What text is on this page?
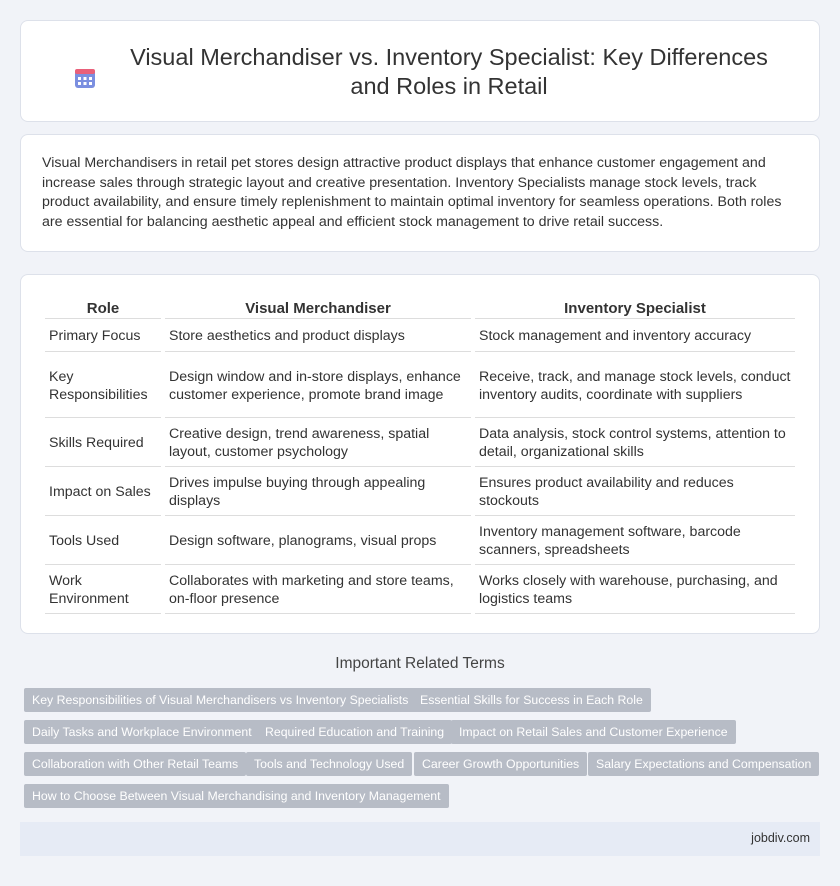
Visual Merchandiser vs. Inventory Specialist: Key Differences and Roles in Retail

Visual Merchandisers in retail pet stores design attractive product displays that enhance customer engagement and increase sales through strategic layout and creative presentation. Inventory Specialists manage stock levels, track product availability, and ensure timely replenishment to maintain optimal inventory for seamless operations. Both roles are essential for balancing aesthetic appeal and efficient stock management to drive retail success.

Role	Visual Merchandiser	Inventory Specialist
Primary Focus	Store aesthetics and product displays	Stock management and inventory accuracy
Key Responsibilities	Design window and in-store displays, enhance customer experience, promote brand image	Receive, track, and manage stock levels, conduct inventory audits, coordinate with suppliers
Skills Required	Creative design, trend awareness, spatial layout, customer psychology	Data analysis, stock control systems, attention to detail, organizational skills
Impact on Sales	Drives impulse buying through appealing displays	Ensures product availability and reduces stockouts
Tools Used	Design software, planograms, visual props	Inventory management software, barcode scanners, spreadsheets
Work Environment	Collaborates with marketing and store teams, on-floor presence	Works closely with warehouse, purchasing, and logistics teams
Important Related Terms
Key Responsibilities of Visual Merchandisers vs Inventory Specialists Essential Skills for Success in Each Role
Daily Tasks and Workplace Environment	Required Education and Training	Impact on Retail Sales and Customer Experience
Collaboration with Other Retail Teams	Tools and Technology Used	Career Growth Opportunities	Salary Expectations and Compensation
How to Choose Between Visual Merchandising and Inventory Management
jobdiv.com
